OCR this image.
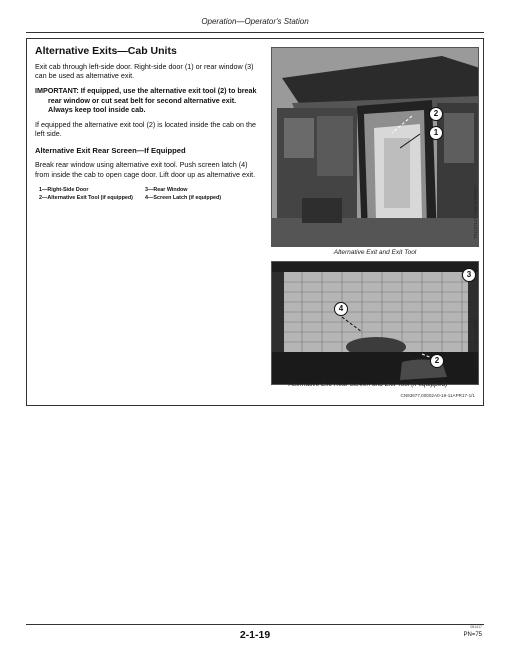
Operation—Operator's Station
Alternative Exits—Cab Units

Exit cab through left-side door. Right-side door (1) or rear window (3) can be used as alternative exit.

IMPORTANT: If equipped, use the alternative exit tool (2) to break rear window or cut seat belt for second alternative exit. Always keep tool inside cab.

If equipped the alternative exit tool (2) is located inside the cab on the left side.

Alternative Exit Rear Screen—If Equipped

Break rear window using alternative exit tool. Push screen latch (4) from inside the cab to open cage door. Lift door up as alternative exit.

1—Right-Side Door
2—Alternative Exit Tool (if equipped)
3—Rear Window
4—Screen Latch (if equipped)
2
1
TX1237147—UN—07APR17
Alternative Exit and Exit Tool
3
4
2	TX1232757—UN—12JUN17
Alternative Exit Rear Screen and Exit Tool (if equipped)
CN93677,00002A0-19-11APR17-1/1
2-1-19
051417
PN=75
